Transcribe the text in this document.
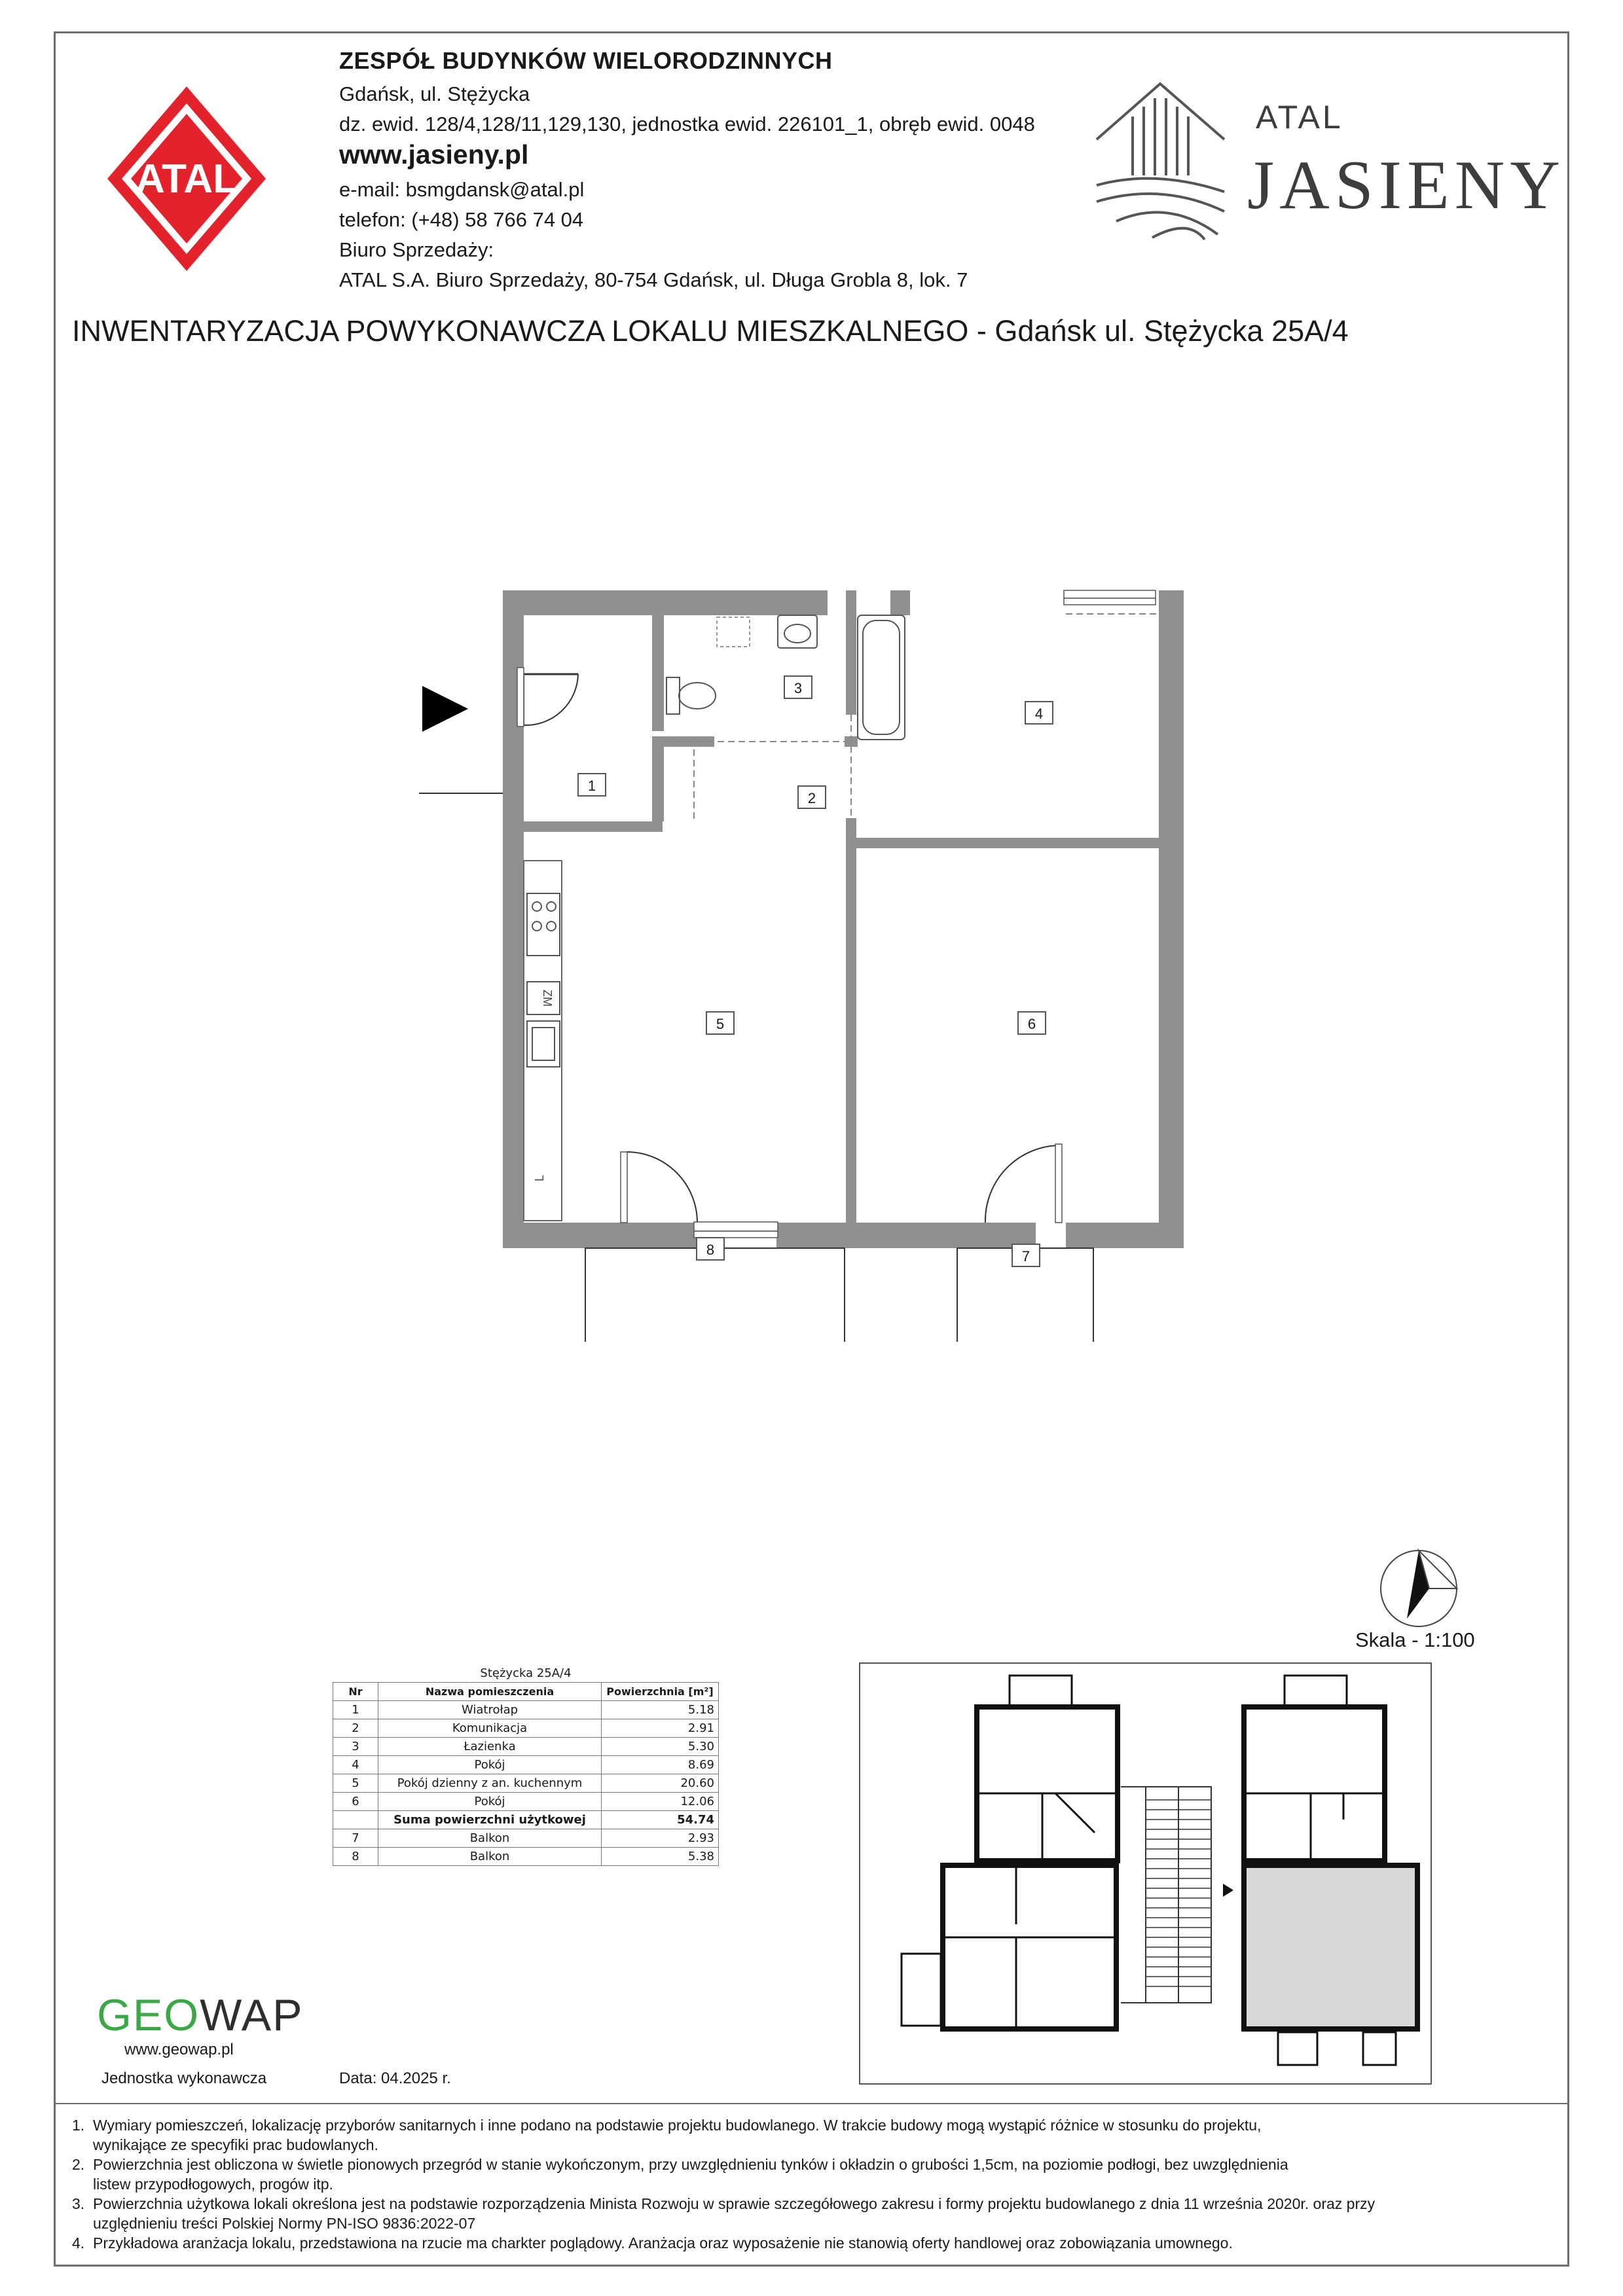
ATAL
ZESPÓŁ BUDYNKÓW WIELORODZINNYCH
Gdańsk, ul. Stężycka
dz. ewid. 128/4,128/11,129,130, jednostka ewid. 226101_1, obręb ewid. 0048
www.jasieny.pl
e-mail: bsmgdansk@atal.pl
telefon: (+48) 58 766 74 04
Biuro Sprzedaży:
ATAL S.A. Biuro Sprzedaży, 80-754 Gdańsk, ul. Długa Grobla 8, lok. 7
ATAL
JASIENY
INWENTARYZACJA POWYKONAWCZA LOKALU MIESZKALNEGO - Gdańsk ul. Stężycka 25A/4
ZM
L
1
2
3
4
5	6
7
8
Skala - 1:100
Stężycka 25A/4		
Nr	Nazwa pomieszczenia	Powierzchnia [m²]
1	Wiatrołap	5.18
2	Komunikacja	2.91
3	Łazienka	5.30
4	Pokój	8.69
5	Pokój dzienny z an. kuchennym	20.60
6	Pokój	12.06
	Suma powierzchni użytkowej	54.74
7	Balkon	2.93
8	Balkon	5.38
GEOWAP
www.geowap.pl
Jednostka wykonawcza	Data: 04.2025 r.
1. Wymiary pomieszczeń, lokalizację przyborów sanitarnych i inne podano na podstawie projektu budowlanego. W trakcie budowy mogą wystąpić różnice w stosunku do projektu,
wynikające ze specyfiki prac budowlanych.
2. Powierzchnia jest obliczona w świetle pionowych przegród w stanie wykończonym, przy uwzględnieniu tynków i okładzin o grubości 1,5cm, na poziomie podłogi, bez uwzględnienia
listew przypodłogowych, progów itp.
3. Powierzchnia użytkowa lokali określona jest na podstawie rozporządzenia Minista Rozwoju w sprawie szczegółowego zakresu i formy projektu budowlanego z dnia 11 września 2020r. oraz przy
uzględnieniu treści Polskiej Normy PN-ISO 9836:2022-07
4. Przykładowa aranżacja lokalu, przedstawiona na rzucie ma charkter poglądowy. Aranżacja oraz wyposażenie nie stanowią oferty handlowej oraz zobowiązania umownego.
